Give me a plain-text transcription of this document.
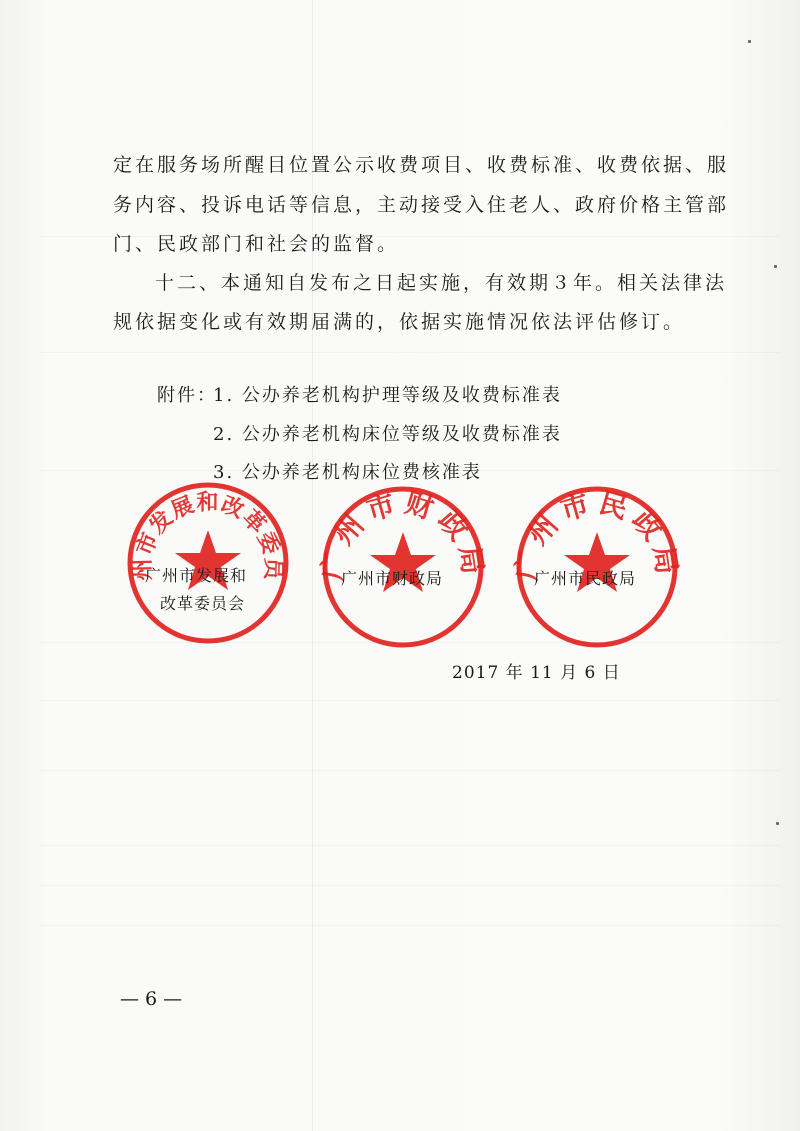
定在服务场所醒目位置公示收费项目、收费标准、收费依据、服
务内容、投诉电话等信息，主动接受入住老人、政府价格主管部
门、民政部门和社会的监督。
十二、本通知自发布之日起实施，有效期３年。相关法律法
规依据变化或有效期届满的，依据实施情况依法评估修订。
附件：
1. 公办养老机构护理等级及收费标准表
2. 公办养老机构床位等级及收费标准表
3. 公办养老机构床位费核准表
广州市发展和改革委员会
广州市财政局 广州市民政局
广州市发展和
改革委员会
广州市财政局	广州市民政局
2017 年 11 月 6 日
— 6 —
